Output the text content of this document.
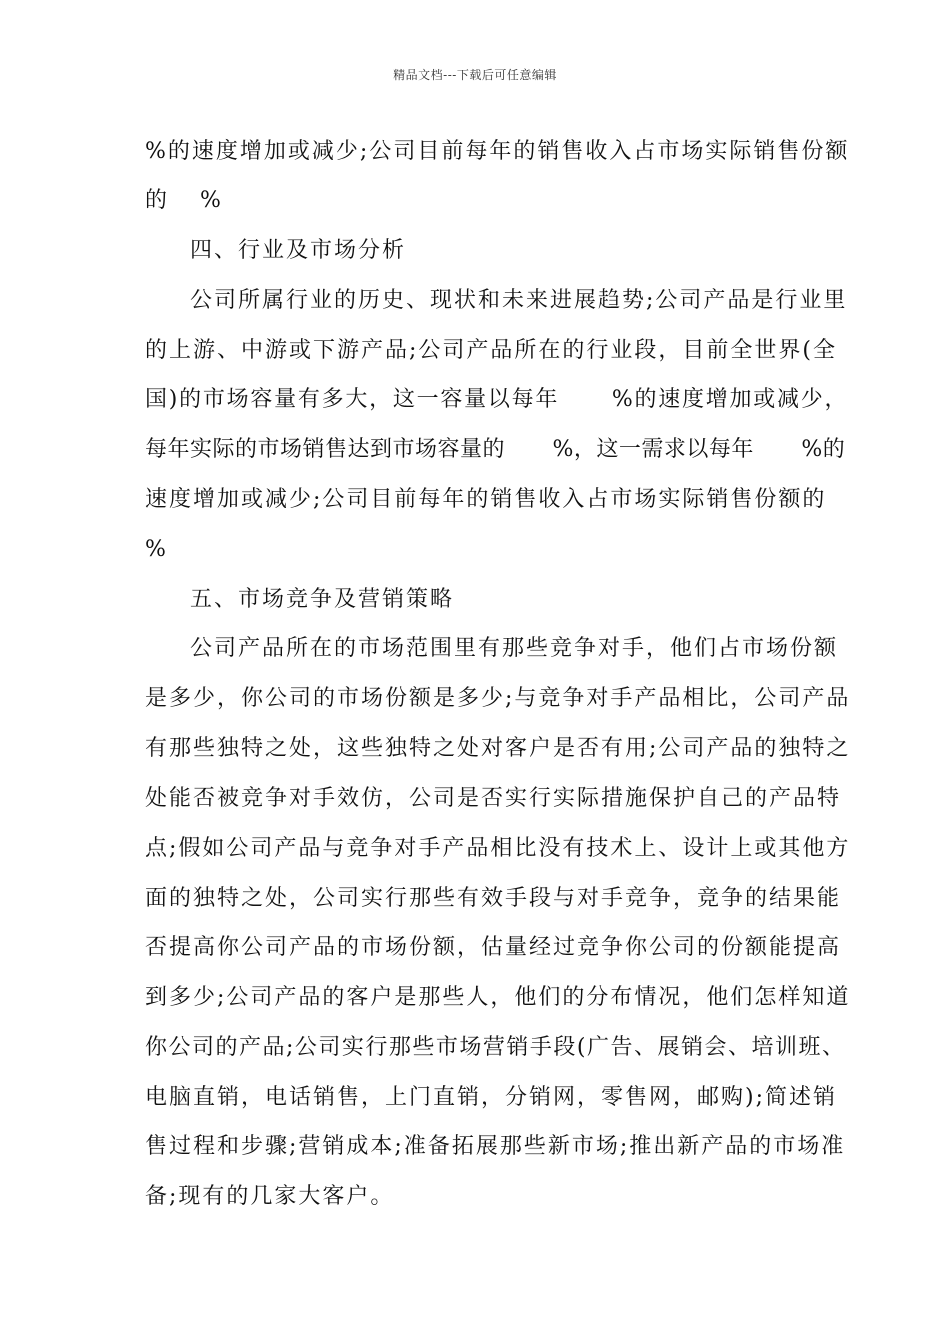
精品文档---下载后可任意编辑
%的速度增加或减少;公司目前每年的销售收入占市场实际销售份额
的 %
四、行业及市场分析
公司所属行业的历史、现状和未来进展趋势;公司产品是行业里
的上游、中游或下游产品;公司产品所在的行业段，目前全世界(全
国)的市场容量有多大，这一容量以每年 %的速度增加或减少，
每年实际的市场销售达到市场容量的 %，这一需求以每年 %的
速度增加或减少;公司目前每年的销售收入占市场实际销售份额的
%
五、市场竞争及营销策略
公司产品所在的市场范围里有那些竞争对手，他们占市场份额
是多少，你公司的市场份额是多少;与竞争对手产品相比，公司产品
有那些独特之处，这些独特之处对客户是否有用;公司产品的独特之
处能否被竞争对手效仿，公司是否实行实际措施保护自己的产品特
点;假如公司产品与竞争对手产品相比没有技术上、设计上或其他方
面的独特之处，公司实行那些有效手段与对手竞争，竞争的结果能
否提高你公司产品的市场份额，估量经过竞争你公司的份额能提高
到多少;公司产品的客户是那些人，他们的分布情况，他们怎样知道
你公司的产品;公司实行那些市场营销手段(广告、展销会、培训班、
电脑直销，电话销售，上门直销，分销网，零售网，邮购);简述销
售过程和步骤;营销成本;准备拓展那些新市场;推出新产品的市场准
备;现有的几家大客户。
